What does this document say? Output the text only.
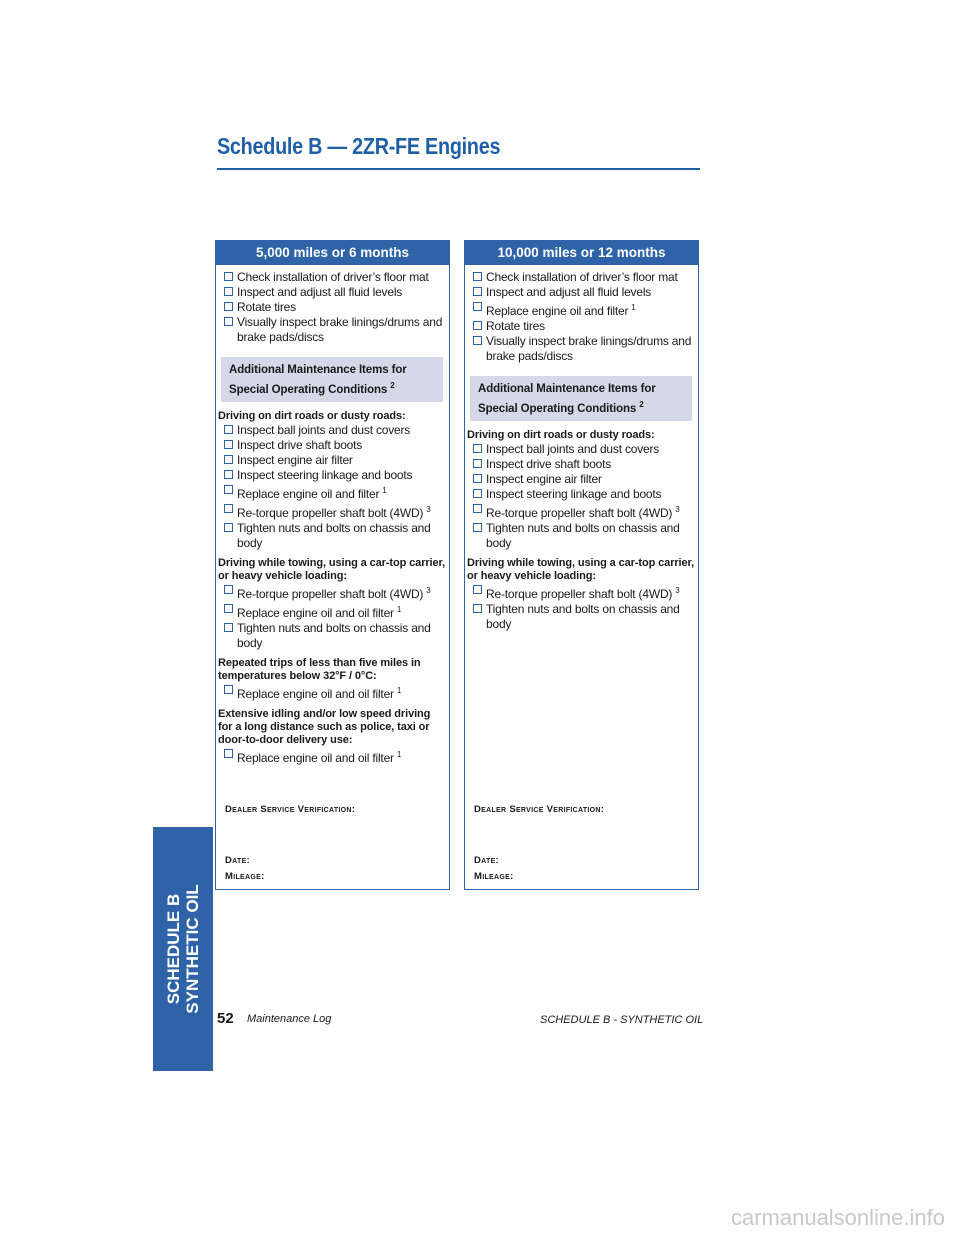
Schedule B — 2ZR-FE Engines
5,000 miles or 6 months
Check installation of driver’s floor mat
Inspect and adjust all fluid levels
Rotate tires
Visually inspect brake linings/drums and brake pads/discs
Additional Maintenance Items for Special Operating Conditions $^2$
Driving on dirt roads or dusty roads:
Inspect ball joints and dust covers
Inspect drive shaft boots
Inspect engine air filter
Inspect steering linkage and boots
Replace engine oil and filter $^1$
Re-torque propeller shaft bolt (4WD) $^3$
Tighten nuts and bolts on chassis and body
Driving while towing, using a car-top carrier, or heavy vehicle loading:
Re-torque propeller shaft bolt (4WD) $^3$
Replace engine oil and oil filter $^1$
Tighten nuts and bolts on chassis and body
Repeated trips of less than five miles in temperatures below 32°F / 0°C:
Replace engine oil and oil filter $^1$
Extensive idling and/or low speed driving for a long distance such as police, taxi or door-to-door delivery use:
Replace engine oil and oil filter $^1$
Dealer Service Verification:
Date:
Mileage:
10,000 miles or 12 months
Check installation of driver’s floor mat
Inspect and adjust all fluid levels
Replace engine oil and filter $^1$
Rotate tires
Visually inspect brake linings/drums and brake pads/discs
Additional Maintenance Items for Special Operating Conditions $^2$
Driving on dirt roads or dusty roads:
Inspect ball joints and dust covers
Inspect drive shaft boots
Inspect engine air filter
Inspect steering linkage and boots
Re-torque propeller shaft bolt (4WD) $^3$
Tighten nuts and bolts on chassis and body
Driving while towing, using a car-top carrier, or heavy vehicle loading:
Re-torque propeller shaft bolt (4WD) $^3$
Tighten nuts and bolts on chassis and body
Dealer Service Verification:
Date:
Mileage:
SCHEDULE B SYNTHETIC OIL
52 Maintenance Log	SCHEDULE B - SYNTHETIC OIL
carmanualsonline.info
